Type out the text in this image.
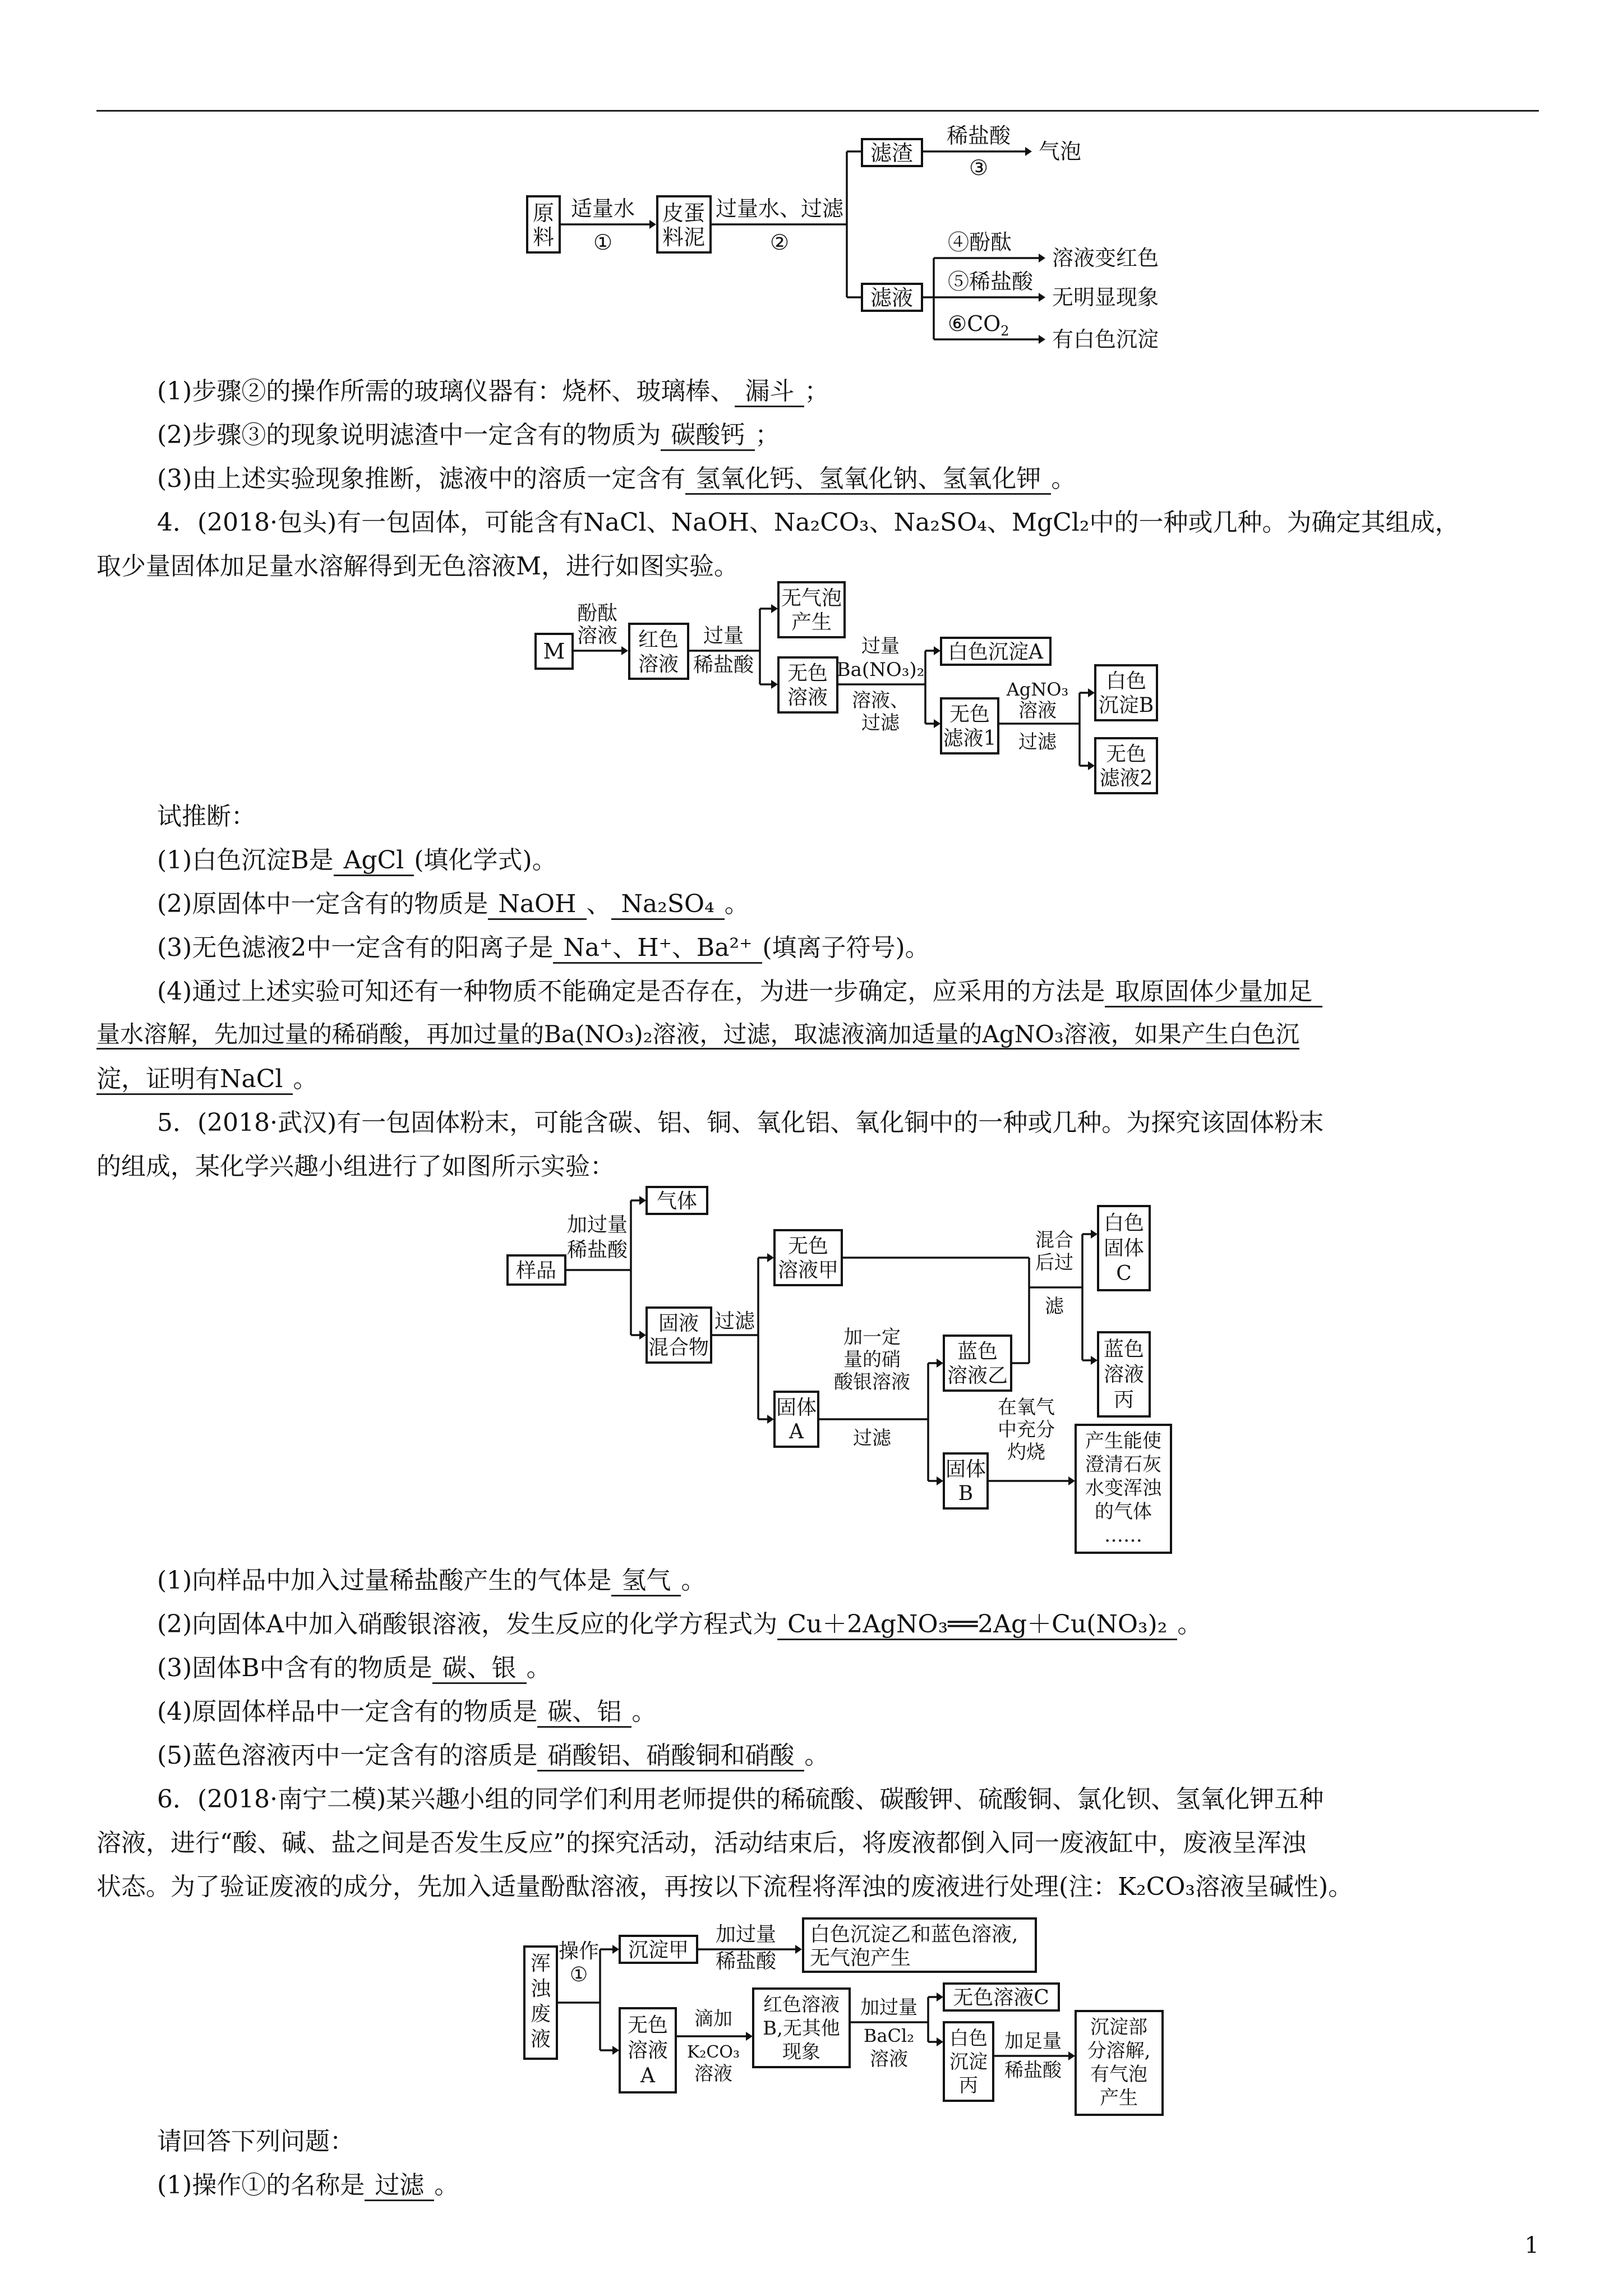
原
料
适量水
①
皮蛋
料泥
过量水、过滤
②
滤渣
稀盐酸
③
气泡
滤液
④酚酞
⑤稀盐酸
$⑥CO_2$
溶液变红色
无明显现象
有白色沉淀
(1)步骤②的操作所需的玻璃仪器有：烧杯、玻璃棒、 漏斗 ；
(2)步骤③的现象说明滤渣中一定含有的物质为 碳酸钙 ；
(3)由上述实验现象推断，滤液中的溶质一定含有 氢氧化钙、氢氧化钠、氢氧化钾 。
4．(2018·包头)有一包固体，可能含有NaCl、NaOH、Na₂CO₃、Na₂SO₄、MgCl₂中的一种或几种。为确定其组成，
取少量固体加足量水溶解得到无色溶液M，进行如图实验。
M
酚酞
溶液 红色
溶液
过量
稀盐酸
无气泡
产生
无色
溶液
过量
Ba(NO₃)₂
溶液、
过滤
白色沉淀A
无色
滤液1
AgNO₃
溶液
过滤
白色
沉淀B
无色
滤液2
试推断：
(1)白色沉淀B是 AgCl (填化学式)。
(2)原固体中一定含有的物质是 NaOH 、 Na₂SO₄ 。
(3)无色滤液2中一定含有的阳离子是 Na⁺、H⁺、Ba²⁺ (填离子符号)。
(4)通过上述实验可知还有一种物质不能确定是否存在，为进一步确定，应采用的方法是 取原固体少量加足
量水溶解，先加过量的稀硝酸，再加过量的Ba(NO₃)₂溶液，过滤，取滤液滴加适量的AgNO₃溶液，如果产生白色沉
淀，证明有NaCl 。
5．(2018·武汉)有一包固体粉末，可能含碳、铝、铜、氧化铝、氧化铜中的一种或几种。为探究该固体粉末
的组成，某化学兴趣小组进行了如图所示实验：
样品
加过量
稀盐酸
气体
固液
混合物
过滤
无色
溶液甲
固体
A
加一定
量的硝
酸银溶液
过滤
蓝色
溶液乙
固体
B
在氧气
中充分
灼烧 产生能使
澄清石灰
水变浑浊
的气体
……
混合
后过
滤
白色
固体
C
蓝色
溶液
丙
(1)向样品中加入过量稀盐酸产生的气体是 氢气 。
(2)向固体A中加入硝酸银溶液，发生反应的化学方程式为 Cu＋2AgNO₃══2Ag＋Cu(NO₃)₂ 。
(3)固体B中含有的物质是 碳、银 。
(4)原固体样品中一定含有的物质是 碳、铝 。
(5)蓝色溶液丙中一定含有的溶质是 硝酸铝、硝酸铜和硝酸 。
6．(2018·南宁二模)某兴趣小组的同学们利用老师提供的稀硫酸、碳酸钾、硫酸铜、氯化钡、氢氧化钾五种
溶液，进行“酸、碱、盐之间是否发生反应”的探究活动，活动结束后，将废液都倒入同一废液缸中，废液呈浑浊
状态。为了验证废液的成分，先加入适量酚酞溶液，再按以下流程将浑浊的废液进行处理(注：K₂CO₃溶液呈碱性)。
浑
浊
废
液
操作
①
沉淀甲
加过量
稀盐酸
白色沉淀乙和蓝色溶液,
无气泡产生
无色
溶液
A
滴加
K₂CO₃
溶液
红色溶液
B,无其他
现象
加过量
BaCl₂
溶液
无色溶液C
白色
沉淀
丙
加足量
稀盐酸
沉淀部
分溶解,
有气泡
产生
请回答下列问题：
(1)操作①的名称是 过滤 。
1
